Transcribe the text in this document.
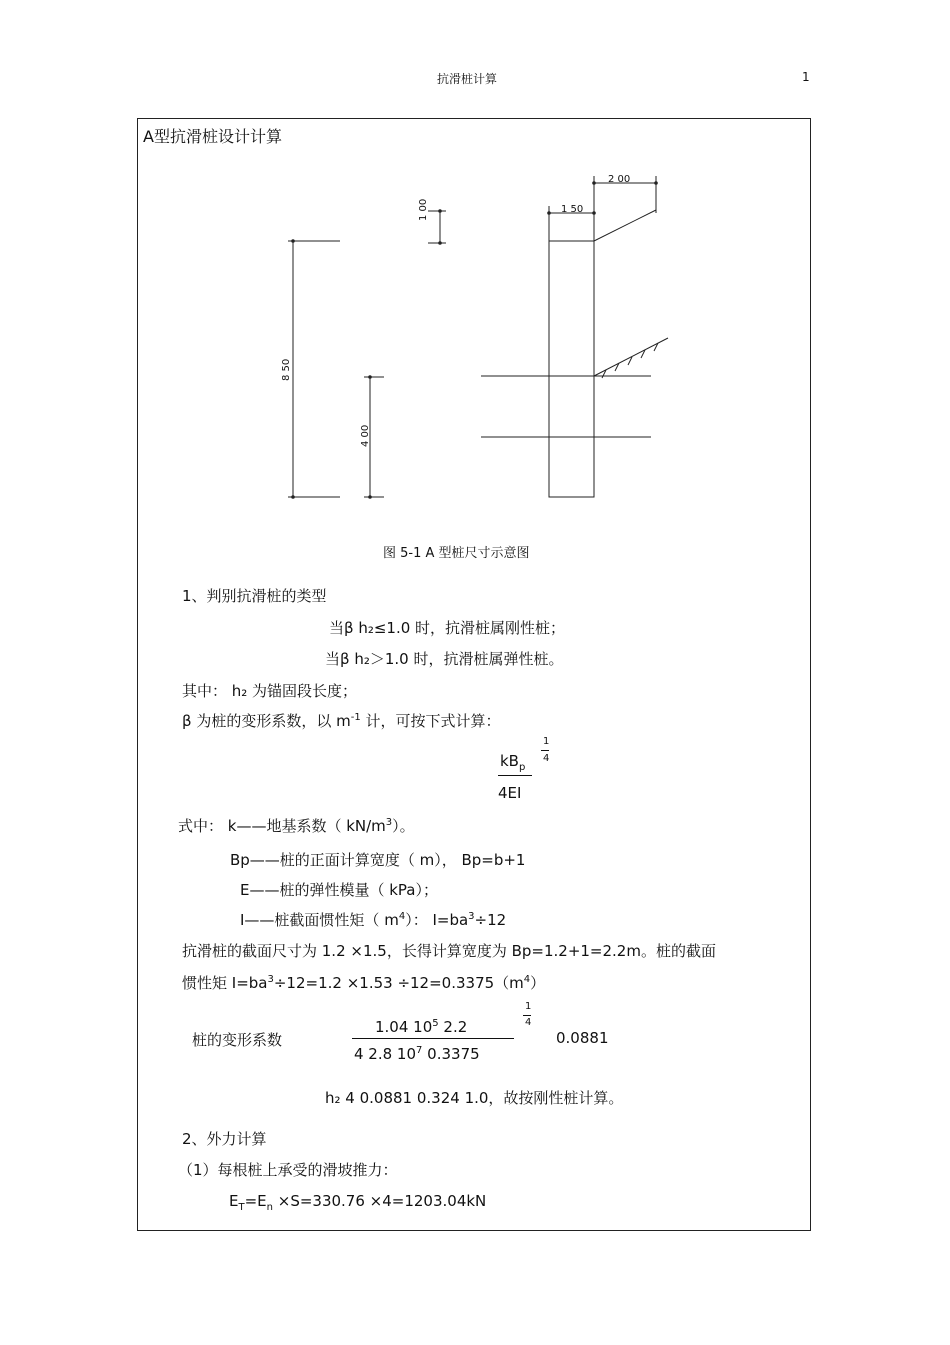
抗滑桩计算	1
A型抗滑桩设计计算
2 00
1 50
1 00
8 50
4 00
图 5-1 A 型桩尺寸示意图
1、判别抗滑桩的类型
当β h₂≤1.0 时，抗滑桩属刚性桩；
当β h₂＞1.0 时，抗滑桩属弹性桩。
其中： h₂ 为锚固段长度；
β 为桩的变形系数，以 $m^{-1}$ 计，可按下式计算：
$kB_p$
4EI
1
4
式中： k——地基系数（ $kN/m^3$）。
Bp——桩的正面计算宽度（ m）， Bp=b+1
E——桩的弹性模量（ kPa）；
I——桩截面惯性矩（ $m^4$）： $I=ba^3\div 12$
抗滑桩的截面尺寸为 1.2 ×1.5，长得计算宽度为 Bp=1.2+1=2.2m。桩的截面
惯性矩 $I=ba^3\div 12=1.2 \times 1.53 \div 12=0.3375(m^4)$
桩的变形系数
1.04 $10^5$ 2.2
4 2.8 $10^7$ 0.3375
1
4
0.0881
h₂ 4 0.0881 0.324 1.0，故按刚性桩计算。
2、外力计算
（1）每根桩上承受的滑坡推力：
$E_T=E_n \times S=330.76 \times 4=1203.04kN$
